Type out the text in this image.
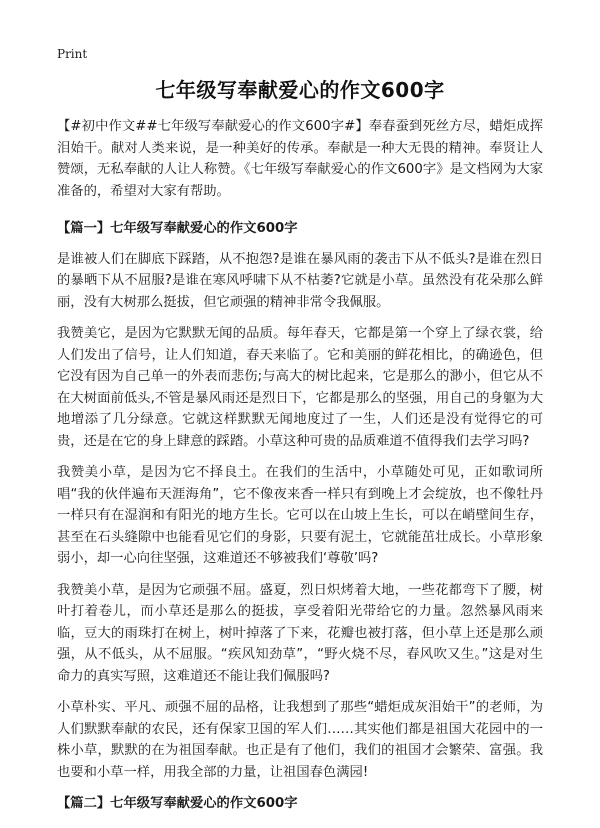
Print
七年级写奉献爱心的作文600字

【#初中作文##七年级写奉献爱心的作文600字#】奉春蚕到死丝方尽，蜡炬成挥泪始干。献对人类来说，是一种美好的传承。奉献是一种大无畏的精神。奉贤让人赞颂，无私奉献的人让人称赞。《七年级写奉献爱心的作文600字》是文档网为大家准备的，希望对大家有帮助。

【篇一】七年级写奉献爱心的作文600字

是谁被人们在脚底下踩踏，从不抱怨?是谁在暴风雨的袭击下从不低头?是谁在烈日的暴晒下从不屈服?是谁在寒风呼啸下从不枯萎?它就是小草。虽然没有花朵那么鲜丽，没有大树那么挺拔，但它顽强的精神非常令我佩服。

我赞美它，是因为它默默无闻的品质。每年春天，它都是第一个穿上了绿衣裳，给人们发出了信号，让人们知道，春天来临了。它和美丽的鲜花相比，的确逊色，但它没有因为自己单一的外表而悲伤;与高大的树比起来，它是那么的渺小，但它从不在大树面前低头,不管是暴风雨还是烈日下，它都是那么的坚强，用自己的身躯为大地增添了几分绿意。它就这样默默无闻地度过了一生，人们还是没有觉得它的可贵，还是在它的身上肆意的踩踏。小草这种可贵的品质难道不值得我们去学习吗?

我赞美小草，是因为它不择良土。在我们的生活中，小草随处可见，正如歌词所唱“我的伙伴遍布天涯海角”，它不像夜来香一样只有到晚上才会绽放，也不像牡丹一样只有在湿润和有阳光的地方生长。它可以在山坡上生长，可以在峭壁间生存，甚至在石头缝隙中也能看见它们的身影，只要有泥土，它就能茁壮成长。小草形象弱小，却一心向往坚强，这难道还不够被我们‘尊敬’吗?

我赞美小草，是因为它顽强不屈。盛夏，烈日炽烤着大地，一些花都弯下了腰，树叶打着卷儿，而小草还是那么的挺拔，享受着阳光带给它的力量。忽然暴风雨来临，豆大的雨珠打在树上，树叶掉落了下来，花瓣也被打落，但小草上还是那么顽强，从不低头，从不屈服。“疾风知劲草”，“野火烧不尽，春风吹又生。”这是对生命力的真实写照，这难道还不能让我们佩服吗?

小草朴实、平凡、顽强不屈的品格，让我想到了那些“蜡炬成灰泪始干”的老师，为人们默默奉献的农民，还有保家卫国的军人们……其实他们都是祖国大花园中的一株小草，默默的在为祖国奉献。也正是有了他们，我们的祖国才会繁荣、富强。我也要和小草一样，用我全部的力量，让祖国春色满园!

【篇二】七年级写奉献爱心的作文600字
